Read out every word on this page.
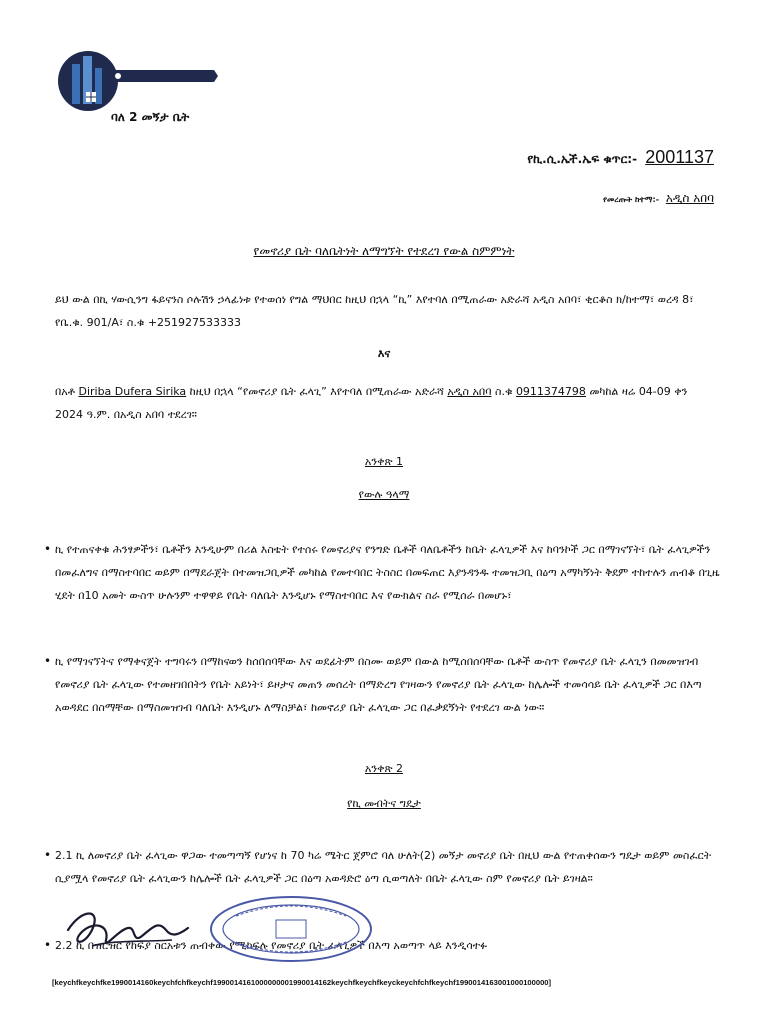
ባለ 2 መኝታ ቤት
የኪ.ሲ.ኤች.ኤፍ ቁጥር:- 2001137
የመረጡት ከተማ:- አዲስ አበባ
የመኖሪያ ቤት ባለቤትነት ለማግኘት የተደረገ የውል ስምምነት
ይህ ውል በኪ ሃውሲንግ ፋይናንስ ሶሉሽን ኃላፊነቱ የተወሰነ የግል ማህበር ከዚህ በኋላ “ኪ” እየተባለ በሚጠራው አድራሻ አዲስ አበባ፣ ቂርቆስ ክ/ከተማ፣ ወረዳ 8፣ የቤ.ቁ. 901/A፣ ስ.ቁ +251927533333
እና
በአቶ Diriba Dufera Sirika ከዚህ በኋላ “የመኖሪያ ቤት ፈላጊ” እየተባለ በሚጠራው አድራሻ አዲስ አበባ ስ.ቁ 0911374798 መካከል ዛሬ 04-09 ቀን 2024 ዓ.ም. በአዲስ አበባ ተደረገ።
አንቀጽ 1
የውሉ ዓላማ
• ኪ የተጠናቀቁ ሕንፃዎችን፣ ቤቶችን እንዲሁም በሪል እስቴት የተሰሩ የመኖሪያና የንግድ ቤቶች ባለቤቶችን ከቤት ፈላጊዎች እና ከባንኮች ጋር በማገናኘት፣ ቤት ፈላጊዎችን በመፈለግና በማስተባበር ወይም በማደራጀት በተመዝጋቢዎች መካከል የመተባበር ትስስር በመፍጠር እያንዳንዱ ተመዝጋቢ በዕጣ አማካኝነት ቅደም ተከተሉን ጠብቆ በጊዜ ሂደት በ10 አመት ውስጥ ሁሉንም ተዋዋይ የቤት ባለቤት እንዲሆኑ የማስተባበር እና የውክልና ስራ የሚሰራ በመሆኑ፣
• ኪ የማገናኘትና የማቀናጀት ተግባሩን በማከናወን ከሰበሰባቸው እና ወደፊትም በስሙ ወይም በውል ከሚሰበሰባቸው ቤቶች ውስጥ የመኖሪያ ቤት ፈላጊን በመመዝገብ የመኖሪያ ቤት ፈላጊው የተመዘገበበትን የቤት አይነት፣ ይዞታና መጠን መሰረት በማድረግ የገዛውን የመኖሪያ ቤት ፈላጊው ከሌሎች ተመሳሳይ ቤት ፈላጊዎች ጋር በእጣ አወዳደር በስማቸው በማስመዝገብ ባለቤት እንዲሆኑ ለማስቻል፣ ከመኖሪያ ቤት ፈላጊው ጋር በፈቃደኝነት የተደረገ ውል ነው።
አንቀጽ 2
የኪ መብትና ግዴታ
• 2.1 ኪ ለመኖሪያ ቤት ፈላጊው ዋጋው ተመጣጣኝ የሆነና ከ 70 ካሬ ሜትር ጀምሮ ባለ ሁለት(2) መኝታ መኖሪያ ቤት በዚህ ውል የተጠቀሰውን ግዴታ ወይም መስፈርት ሲያሟላ የመኖሪያ ቤት ፈላጊውን ከሌሎች ቤት ፈላጊዎች ጋር በዕጣ አወዳድሮ ዕጣ ሲወጣለት በቤት ፈላጊው ስም የመኖሪያ ቤት ይገዛል።
• 2.2 ኪ በዝርዝር የከፍያ ስርአቱን ጠብቀው የሚከፍሉ የመኖሪያ ቤት ፈላጊዎች በእጣ አወጣጥ ላይ እንዲሳተፉ
[keychfkeychfke1990014160keychfchfkeychf1990014161000000001990014162keychfkeychfkeyckeychfchfkeychf1990014163001000100000]
